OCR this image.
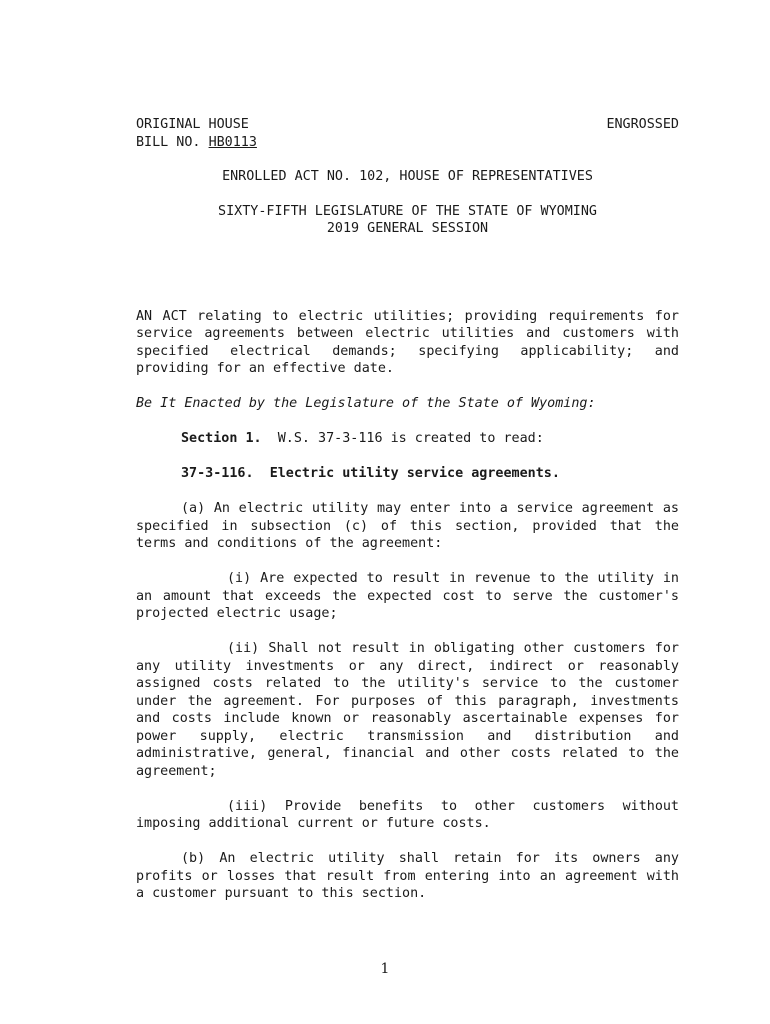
ORIGINAL HOUSE	ENGROSSED
BILL NO. HB0113
ENROLLED ACT NO. 102, HOUSE OF REPRESENTATIVES
SIXTY-FIFTH LEGISLATURE OF THE STATE OF WYOMING
2019 GENERAL SESSION
AN ACT relating to electric utilities; providing requirements for service agreements between electric utilities and customers with specified electrical demands; specifying applicability; and providing for an effective date.
Be It Enacted by the Legislature of the State of Wyoming:
Section 1. W.S. 37-3-116 is created to read:
37-3-116. Electric utility service agreements.
(a) An electric utility may enter into a service agreement as specified in subsection (c) of this section, provided that the terms and conditions of the agreement:
(i) Are expected to result in revenue to the utility in an amount that exceeds the expected cost to serve the customer's projected electric usage;
(ii) Shall not result in obligating other customers for any utility investments or any direct, indirect or reasonably assigned costs related to the utility's service to the customer under the agreement. For purposes of this paragraph, investments and costs include known or reasonably ascertainable expenses for power supply, electric transmission and distribution and administrative, general, financial and other costs related to the agreement;
(iii) Provide benefits to other customers without imposing additional current or future costs.
(b) An electric utility shall retain for its owners any profits or losses that result from entering into an agreement with a customer pursuant to this section.
1
